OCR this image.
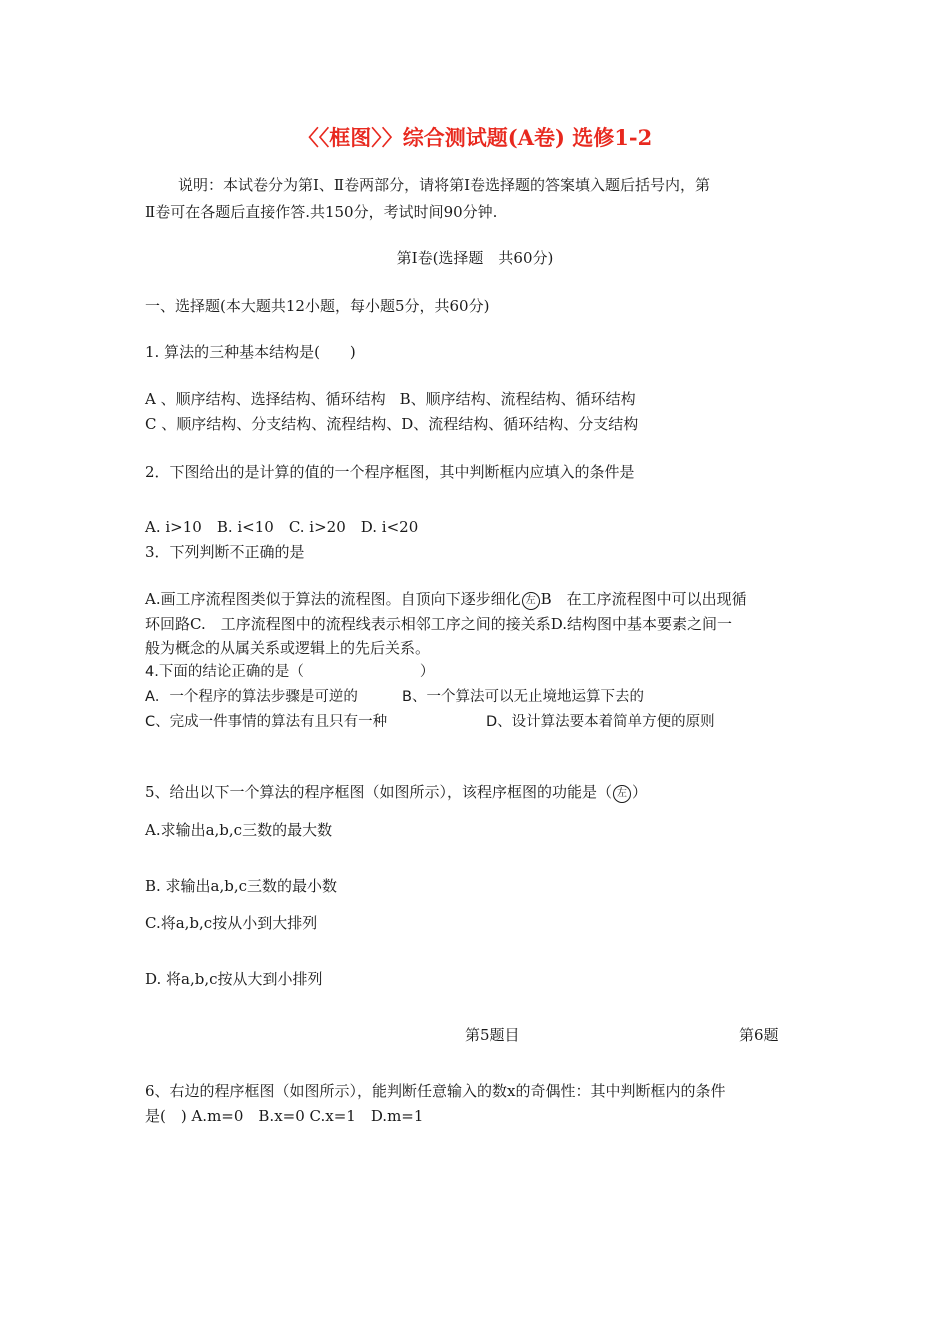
〈〈框图〉〉综合测试题(A卷) 选修1-2
说明：本试卷分为第Ⅰ、Ⅱ卷两部分，请将第Ⅰ卷选择题的答案填入题后括号内，第
Ⅱ卷可在各题后直接作答.共150分，考试时间90分钟.
第Ⅰ卷(选择题　共60分)
一、选择题(本大题共12小题，每小题5分，共60分)
1. 算法的三种基本结构是(　　)
A 、顺序结构、选择结构、循环结构 B、顺序结构、流程结构、循环结构
C 、顺序结构、分支结构、流程结构、D、流程结构、循环结构、分支结构
2．下图给出的是计算的值的一个程序框图，其中判断框内应填入的条件是
A. i>10　B. i<10　C. i>20　D. i<20
3．下列判断不正确的是
A.画工序流程图类似于算法的流程图。自顶向下逐步细化 左 B　在工序流程图中可以出现循
环回路C.　工序流程图中的流程线表示相邻工序之间的接关系D.结构图中基本要素之间一
般为概念的从属关系或逻辑上的先后关系。
4.下面的结论正确的是（　　　　　　　　）
A．一个程序的算法步骤是可逆的	B、一个算法可以无止境地运算下去的
C、完成一件事情的算法有且只有一种	D、设计算法要本着简单方便的原则
5、给出以下一个算法的程序框图（如图所示），该程序框图的功能是（ 左 ）
A.求输出a,b,c三数的最大数
B. 求输出a,b,c三数的最小数
C.将a,b,c按从小到大排列
D. 将a,b,c按从大到小排列
第5题目	第6题
6、右边的程序框图（如图所示），能判断任意输入的数x的奇偶性：其中判断框内的条件
是(　) A.m=0　B.x=0 C.x=1　D.m=1
